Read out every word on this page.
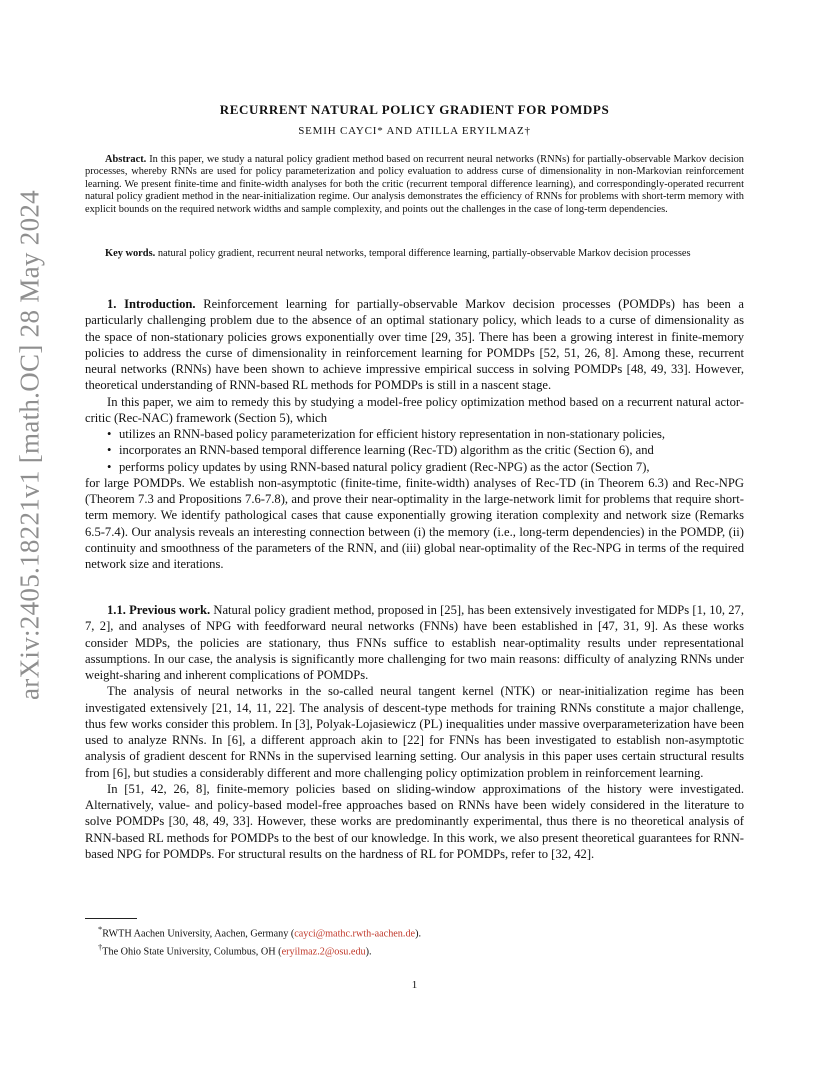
arXiv:2405.18221v1 [math.OC] 28 May 2024
RECURRENT NATURAL POLICY GRADIENT FOR POMDPS
SEMIH CAYCI* AND ATILLA ERYILMAZ†
Abstract. In this paper, we study a natural policy gradient method based on recurrent neural networks (RNNs) for partially-observable Markov decision processes, whereby RNNs are used for policy parameterization and policy evaluation to address curse of dimensionality in non-Markovian reinforcement learning. We present finite-time and finite-width analyses for both the critic (recurrent temporal difference learning), and correspondingly-operated recurrent natural policy gradient method in the near-initialization regime. Our analysis demonstrates the efficiency of RNNs for problems with short-term memory with explicit bounds on the required network widths and sample complexity, and points out the challenges in the case of long-term dependencies.
Key words. natural policy gradient, recurrent neural networks, temporal difference learning, partially-observable Markov decision processes

1. Introduction. Reinforcement learning for partially-observable Markov decision processes (POMDPs) has been a particularly challenging problem due to the absence of an optimal stationary policy, which leads to a curse of dimensionality as the space of non-stationary policies grows exponentially over time [29, 35]. There has been a growing interest in finite-memory policies to address the curse of dimensionality in reinforcement learning for POMDPs [52, 51, 26, 8]. Among these, recurrent neural networks (RNNs) have been shown to achieve impressive empirical success in solving POMDPs [48, 49, 33]. However, theoretical understanding of RNN-based RL methods for POMDPs is still in a nascent stage.

In this paper, we aim to remedy this by studying a model-free policy optimization method based on a recurrent natural actor-critic (Rec-NAC) framework (Section 5), which

• utilizes an RNN-based policy parameterization for efficient history representation in non-stationary policies,
• incorporates an RNN-based temporal difference learning (Rec-TD) algorithm as the critic (Section 6), and
• performs policy updates by using RNN-based natural policy gradient (Rec-NPG) as the actor (Section 7),

for large POMDPs. We establish non-asymptotic (finite-time, finite-width) analyses of Rec-TD (in Theorem 6.3) and Rec-NPG (Theorem 7.3 and Propositions 7.6-7.8), and prove their near-optimality in the large-network limit for problems that require short-term memory. We identify pathological cases that cause exponentially growing iteration complexity and network size (Remarks 6.5-7.4). Our analysis reveals an interesting connection between (i) the memory (i.e., long-term dependencies) in the POMDP, (ii) continuity and smoothness of the parameters of the RNN, and (iii) global near-optimality of the Rec-NPG in terms of the required network size and iterations.

1.1. Previous work. Natural policy gradient method, proposed in [25], has been extensively investigated for MDPs [1, 10, 27, 7, 2], and analyses of NPG with feedforward neural networks (FNNs) have been established in [47, 31, 9]. As these works consider MDPs, the policies are stationary, thus FNNs suffice to establish near-optimality results under representational assumptions. In our case, the analysis is significantly more challenging for two main reasons: difficulty of analyzing RNNs under weight-sharing and inherent complications of POMDPs.

The analysis of neural networks in the so-called neural tangent kernel (NTK) or near-initialization regime has been investigated extensively [21, 14, 11, 22]. The analysis of descent-type methods for training RNNs constitute a major challenge, thus few works consider this problem. In [3], Polyak-Lojasiewicz (PL) inequalities under massive overparameterization have been used to analyze RNNs. In [6], a different approach akin to [22] for FNNs has been investigated to establish non-asymptotic analysis of gradient descent for RNNs in the supervised learning setting. Our analysis in this paper uses certain structural results from [6], but studies a considerably different and more challenging policy optimization problem in reinforcement learning.

In [51, 42, 26, 8], finite-memory policies based on sliding-window approximations of the history were investigated. Alternatively, value- and policy-based model-free approaches based on RNNs have been widely considered in the literature to solve POMDPs [30, 48, 49, 33]. However, these works are predominantly experimental, thus there is no theoretical analysis of RNN-based RL methods for POMDPs to the best of our knowledge. In this work, we also present theoretical guarantees for RNN-based NPG for POMDPs. For structural results on the hardness of RL for POMDPs, refer to [32, 42].

*RWTH Aachen University, Aachen, Germany (cayci@mathc.rwth-aachen.de).

†The Ohio State University, Columbus, OH (eryilmaz.2@osu.edu).

1
